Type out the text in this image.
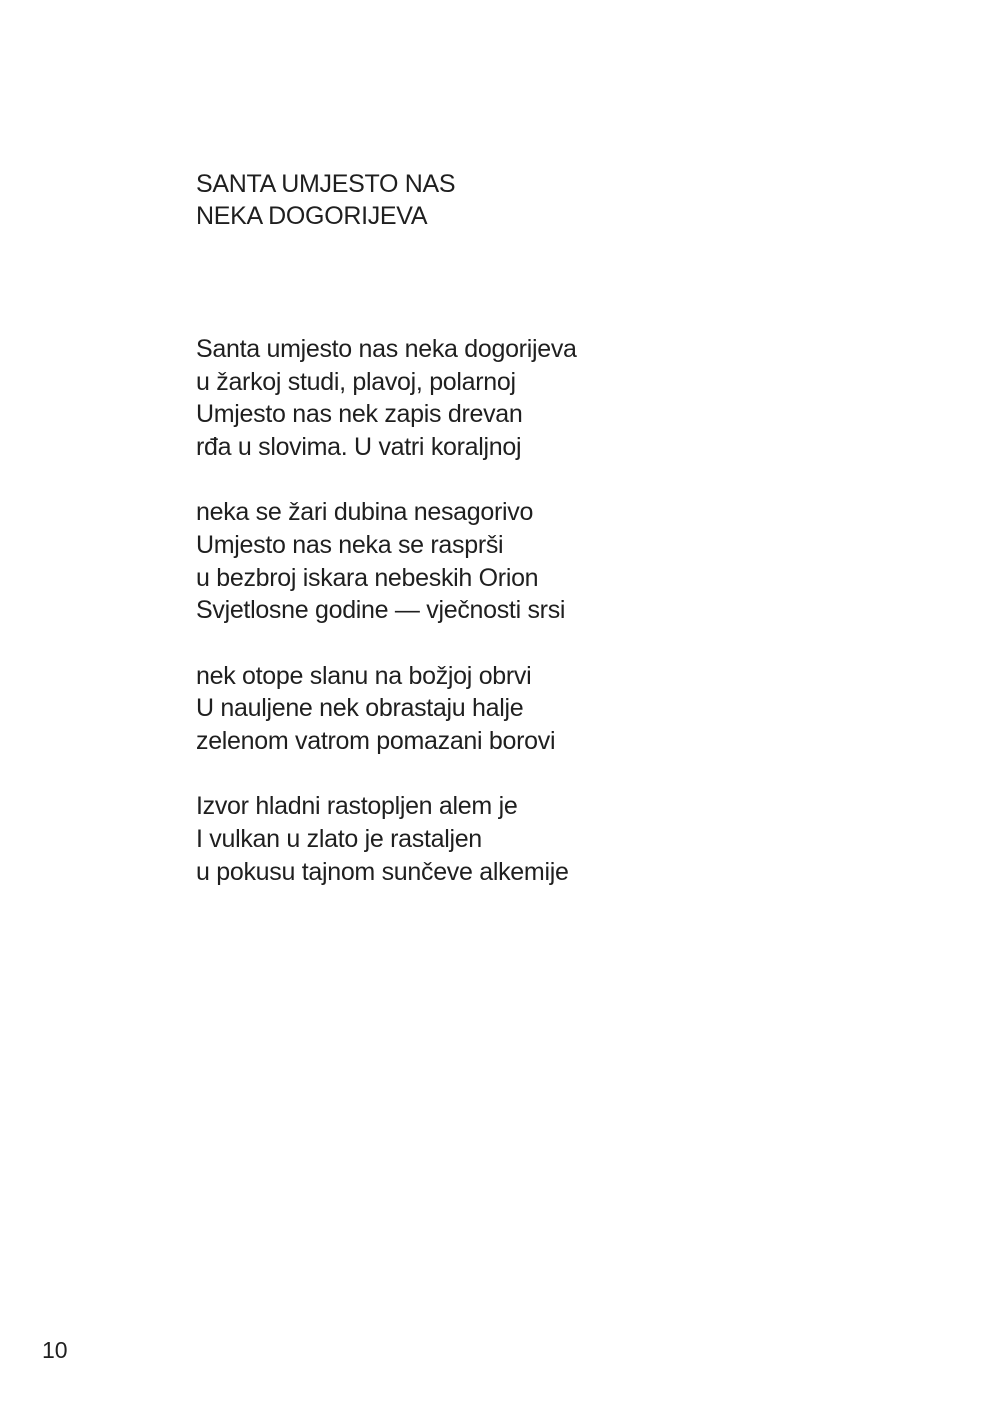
SANTA UMJESTO NAS
NEKA DOGORIJEVA

Santa umjesto nas neka dogorijeva
u žarkoj studi, plavoj, polarnoj
Umjesto nas nek zapis drevan
rđa u slovima. U vatri koraljnoj

neka se žari dubina nesagorivo
Umjesto nas neka se rasprši
u bezbroj iskara nebeskih Orion
Svjetlosne godine — vječnosti srsi

nek otope slanu na božjoj obrvi
U nauljene nek obrastaju halje
zelenom vatrom pomazani borovi

Izvor hladni rastopljen alem je
I vulkan u zlato je rastaljen
u pokusu tajnom sunčeve alkemije

10
